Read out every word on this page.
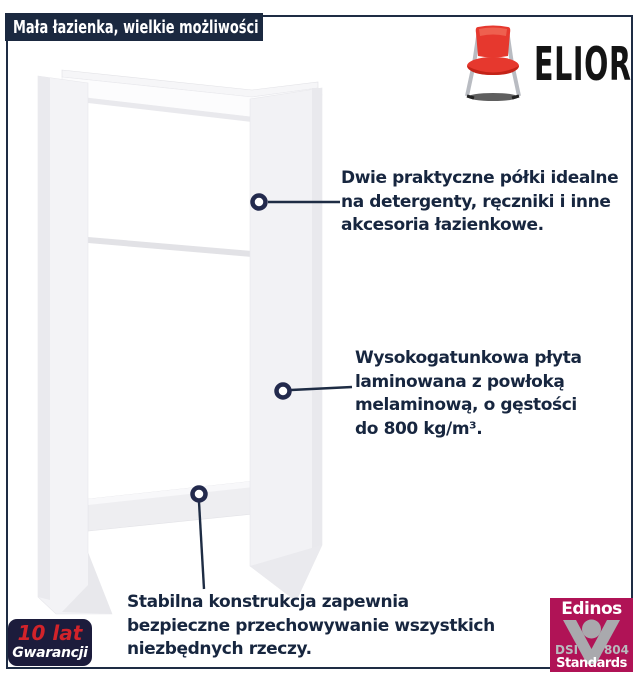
Mała łazienka, wielkie możliwości
ELIOR
Dwie praktyczne półki idealne
na detergenty, ręczniki i inne
akcesoria łazienkowe.
Wysokogatunkowa płyta
laminowana z powłoką
melaminową, o gęstości
do 800 kg/m³.
Stabilna konstrukcja zapewnia
bezpieczne przechowywanie wszystkich
niezbędnych rzeczy.
10 lat
Gwarancji
Edinos
DSI 804
Standards
